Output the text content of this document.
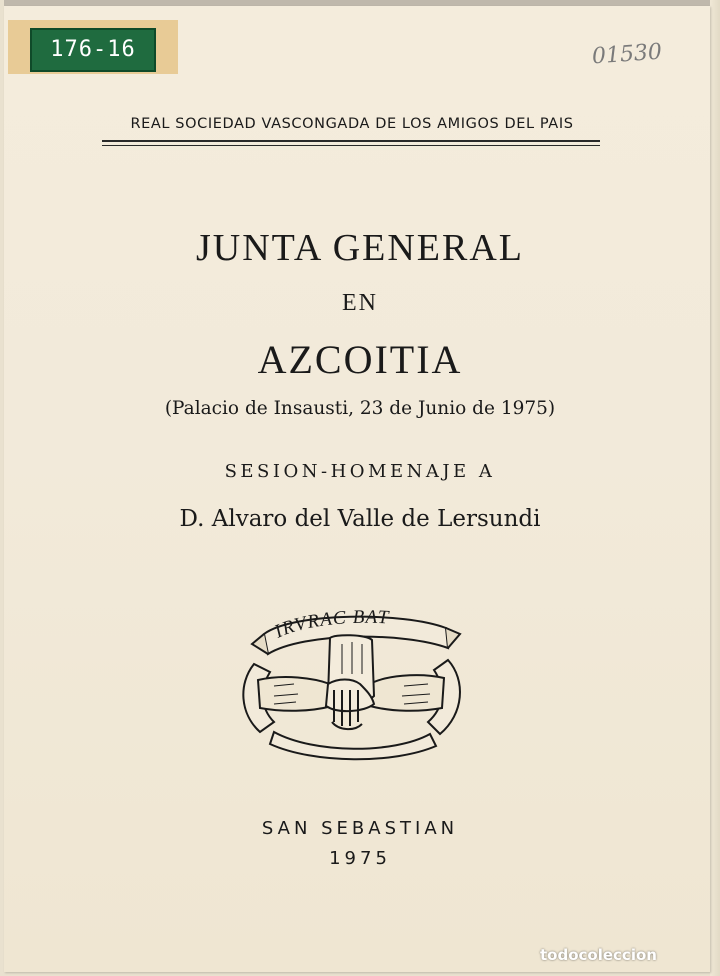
176-16	01530
REAL SOCIEDAD VASCONGADA DE LOS AMIGOS DEL PAIS
JUNTA GENERAL
EN
AZCOITIA
(Palacio de Insausti, 23 de Junio de 1975)
SESION-HOMENAJE A
D. Alvaro del Valle de Lersundi
IRVRAC BAT
SAN SEBASTIAN
1975
todocoleccion
